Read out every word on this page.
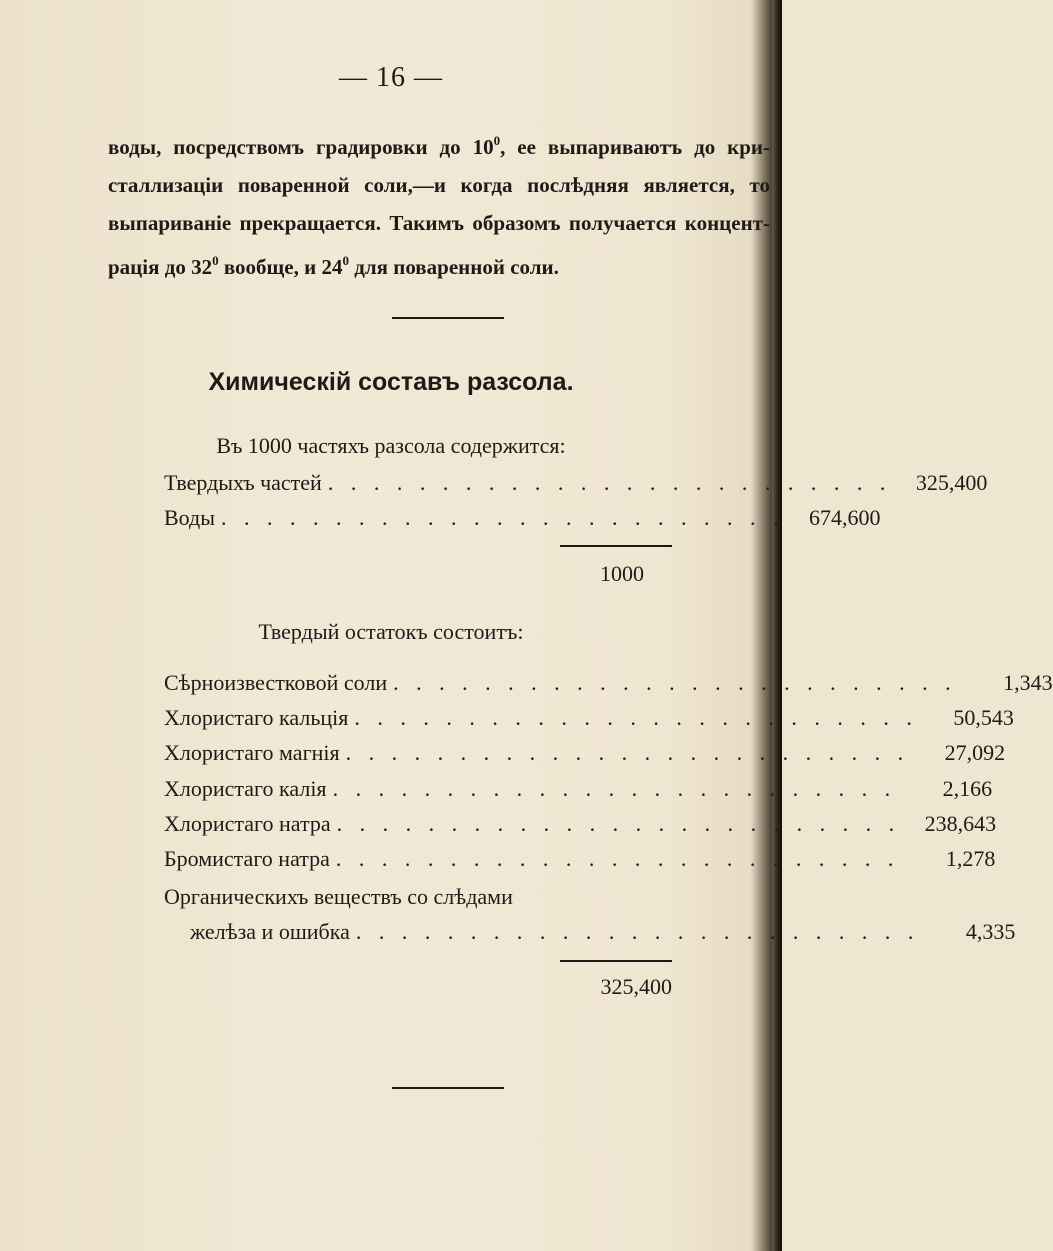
— 16 —
воды, посредствомъ градировки до $10^0$, ее выпариваютъ до кри-
сталлизаціи поваренной соли,—и когда послѣдняя является, то
выпариваніе прекращается. Такимъ образомъ получается концент-
рація до $32^0$ вообще, и $24^0$ для поваренной соли.
Химическій составъ разсола.
Въ 1000 частяхъ разсола содержится:
Твердыхъ частей . . . . . . . . . . . . . . . . . . . . . . . . .	325,400
Воды . . . . . . . . . . . . . . . . . . . . . . . . .	674,600
1000
Твердый остатокъ состоитъ:
Сѣрноизвестковой соли . . . . . . . . . . . . . . . . . . . . . . . . .	1,343
Хлористаго кальція . . . . . . . . . . . . . . . . . . . . . . . . .	50,543
Хлористаго магнія . . . . . . . . . . . . . . . . . . . . . . . . .	27,092
Хлористаго калія . . . . . . . . . . . . . . . . . . . . . . . . .	2,166
Хлористаго натра . . . . . . . . . . . . . . . . . . . . . . . . .	238,643
Бромистаго натра . . . . . . . . . . . . . . . . . . . . . . . . .	1,278
Органическихъ веществъ со слѣдами
желѣза и ошибка . . . . . . . . . . . . . . . . . . . . . . . . .	4,335
325,400
